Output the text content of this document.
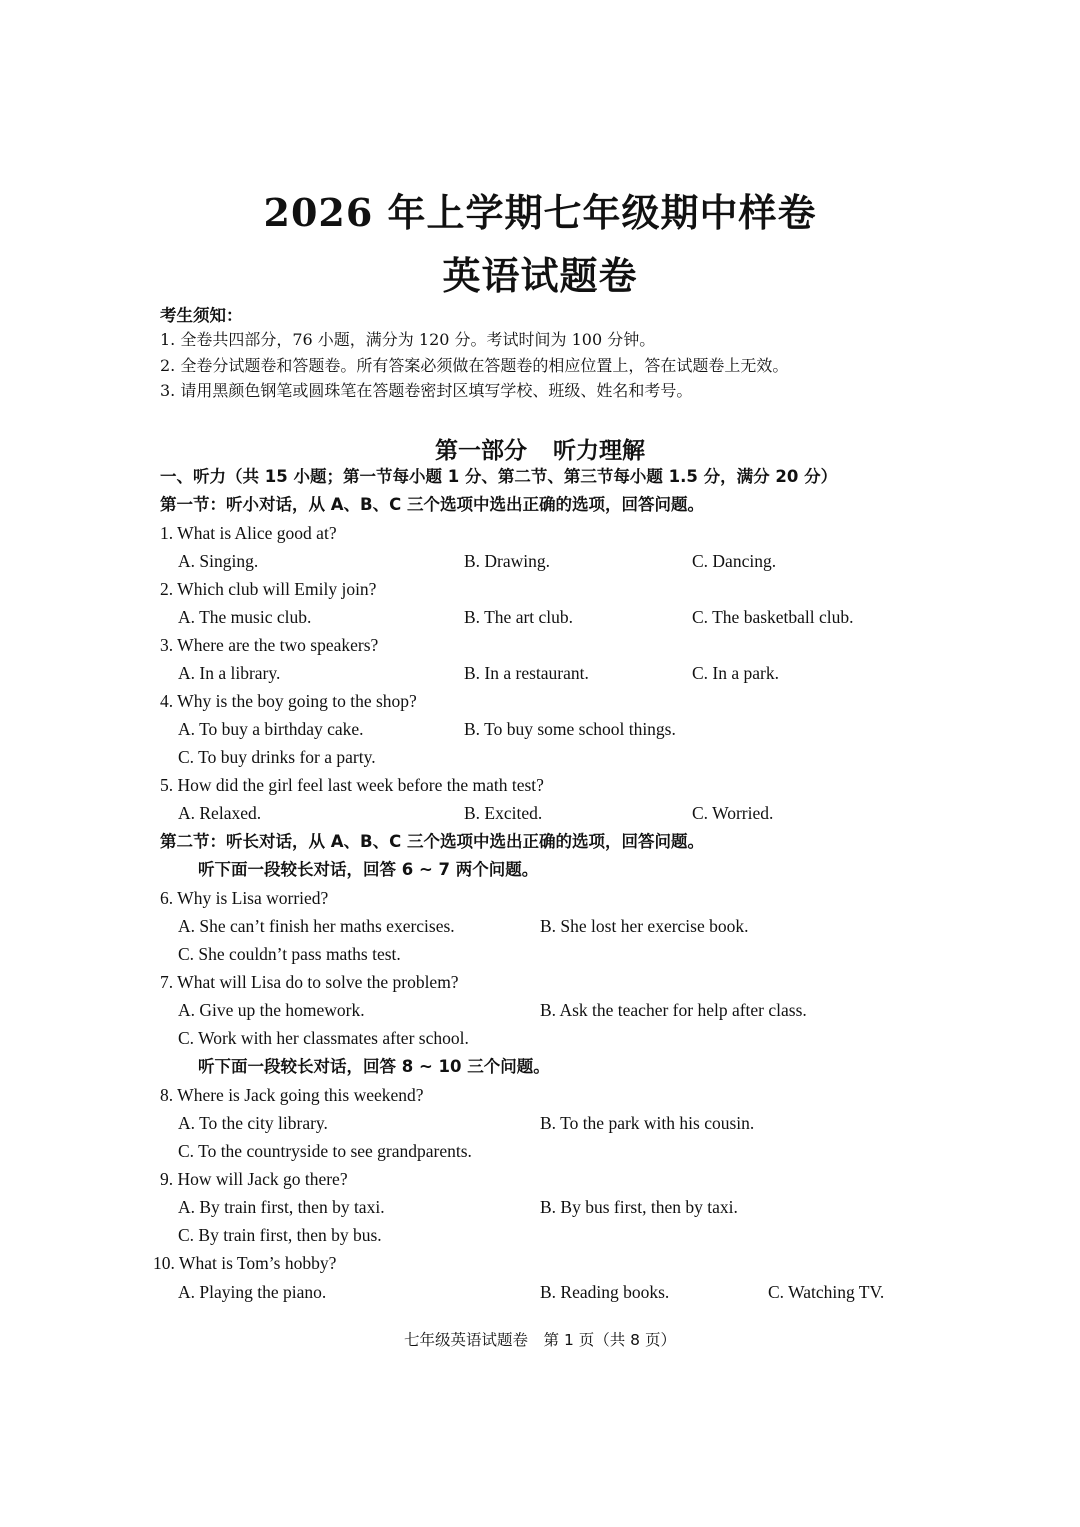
2026 年上学期七年级期中样卷
英语试题卷
考生须知：
1. 全卷共四部分，76 小题，满分为 120 分。考试时间为 100 分钟。
2. 全卷分试题卷和答题卷。所有答案必须做在答题卷的相应位置上，答在试题卷上无效。
3. 请用黑颜色钢笔或圆珠笔在答题卷密封区填写学校、班级、姓名和考号。
第一部分 听力理解
一、听力（共 15 小题；第一节每小题 1 分、第二节、第三节每小题 1.5 分，满分 20 分）
第一节：听小对话，从 A、B、C 三个选项中选出正确的选项，回答问题。
1. What is Alice good at?
A. Singing.	B. Drawing.	C. Dancing.
2. Which club will Emily join?
A. The music club.	B. The art club.	C. The basketball club.
3. Where are the two speakers?
A. In a library.	B. In a restaurant.	C. In a park.
4. Why is the boy going to the shop?
A. To buy a birthday cake.	B. To buy some school things.
C. To buy drinks for a party.
5. How did the girl feel last week before the math test?
A. Relaxed.	B. Excited.	C. Worried.
第二节：听长对话，从 A、B、C 三个选项中选出正确的选项，回答问题。
听下面一段较长对话，回答 6 ~ 7 两个问题。
6. Why is Lisa worried?
A. She can’t finish her maths exercises.	B. She lost her exercise book.
C. She couldn’t pass maths test.
7. What will Lisa do to solve the problem?
A. Give up the homework.	B. Ask the teacher for help after class.
C. Work with her classmates after school.
听下面一段较长对话，回答 8 ~ 10 三个问题。
8. Where is Jack going this weekend?
A. To the city library.	B. To the park with his cousin.
C. To the countryside to see grandparents.
9. How will Jack go there?
A. By train first, then by taxi.	B. By bus first, then by taxi.
C. By train first, then by bus.
10. What is Tom’s hobby?
A. Playing the piano.	B. Reading books.	C. Watching TV.
七年级英语试题卷　第 1 页（共 8 页）
